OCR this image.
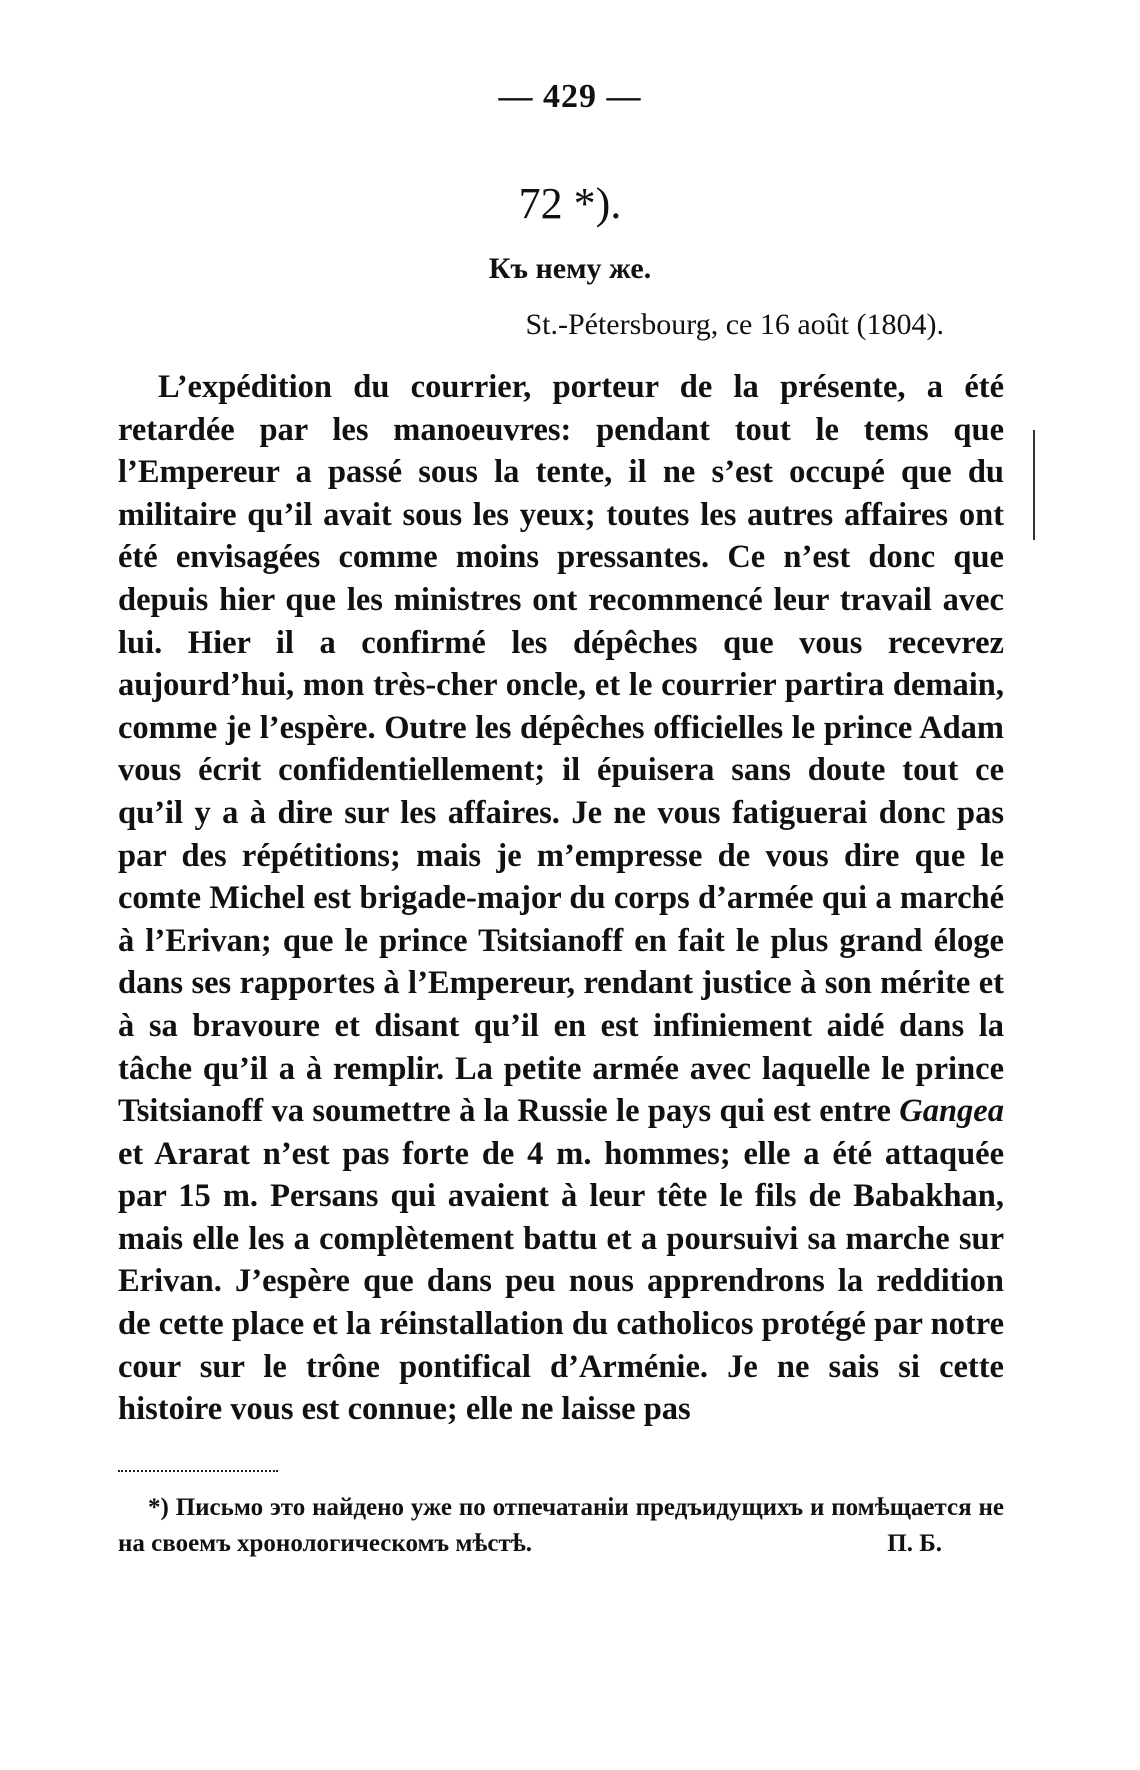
— 429 —
72 *).
Къ нему же.
St.-Pétersbourg, ce 16 août (1804).

L’expédition du courrier, porteur de la présente, a été retardée par les manoeuvres: pendant tout le tems que l’Empereur a passé sous la tente, il ne s’est occupé que du militaire qu’il avait sous les yeux; toutes les autres affaires ont été envisagées comme moins pressantes. Ce n’est donc que depuis hier que les ministres ont recommencé leur travail avec lui. Hier il a confirmé les dépêches que vous recevrez aujourd’hui, mon très-cher oncle, et le courrier partira demain, comme je l’espère. Outre les dépêches officielles le prince Adam vous écrit confidentiellement; il épuisera sans doute tout ce qu’il y a à dire sur les affaires. Je ne vous fatiguerai donc pas par des répétitions; mais je m’empresse de vous dire que le comte Michel est brigade-major du corps d’armée qui a marché à l’Erivan; que le prince Tsitsianoff en fait le plus grand éloge dans ses rapportes à l’Empereur, rendant justice à son mérite et à sa bravoure et disant qu’il en est infiniement aidé dans la tâche qu’il a à remplir. La petite armée avec laquelle le prince Tsitsianoff va soumettre à la Russie le pays qui est entre Gangea et Ararat n’est pas forte de 4 m. hommes; elle a été attaquée par 15 m. Persans qui avaient à leur tête le fils de Babakhan, mais elle les a complètement battu et a poursuivi sa marche sur Erivan. J’espère que dans peu nous apprendrons la reddition de cette place et la réinstallation du catholicos protégé par notre cour sur le trône pontifical d’Arménie. Je ne sais si cette histoire vous est connue; elle ne laisse pas

*) Письмо это найдено уже по отпечатаніи предъидущихъ и помѣщается не на своемъ хронологическомъ мѣстѣ.	П. Б.
